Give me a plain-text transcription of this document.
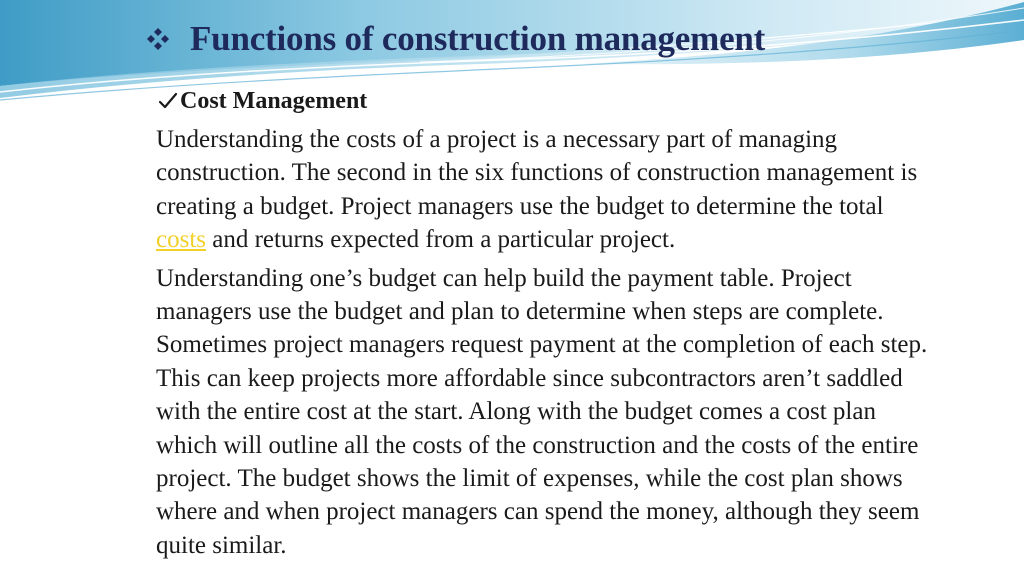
Functions of construction management
Cost Management

Understanding the costs of a project is a necessary part of managing
construction. The second in the six functions of construction management is
creating a budget. Project managers use the budget to determine the total
costs and returns expected from a particular project.

Understanding one’s budget can help build the payment table. Project
managers use the budget and plan to determine when steps are complete.
Sometimes project managers request payment at the completion of each step.
This can keep projects more affordable since subcontractors aren’t saddled
with the entire cost at the start. Along with the budget comes a cost plan
which will outline all the costs of the construction and the costs of the entire
project. The budget shows the limit of expenses, while the cost plan shows
where and when project managers can spend the money, although they seem
quite similar.
